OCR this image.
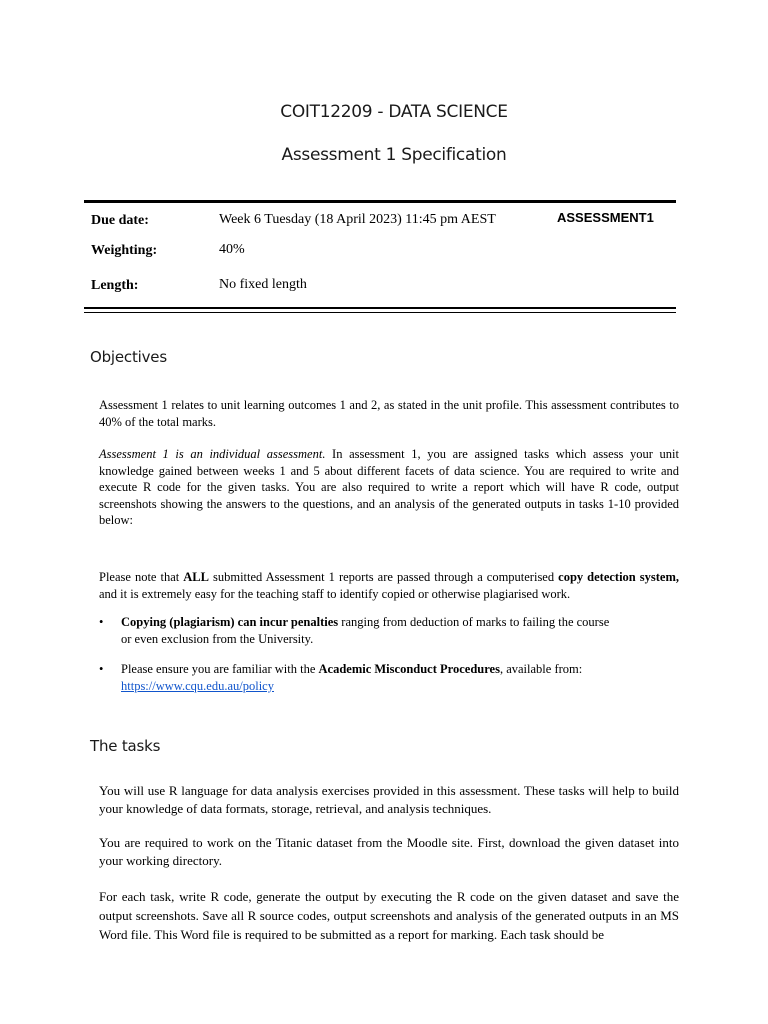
COIT12209 - DATA SCIENCE
Assessment 1 Specification
Due date:	Week 6 Tuesday (18 April 2023) 11:45 pm AEST	ASSESSMENT1
Weighting:	40%
Length:	No fixed length
Objectives

Assessment 1 relates to unit learning outcomes 1 and 2, as stated in the unit profile. This assessment contributes to 40% of the total marks.

Assessment 1 is an individual assessment. In assessment 1, you are assigned tasks which assess your unit knowledge gained between weeks 1 and 5 about different facets of data science. You are required to write and execute R code for the given tasks. You are also required to write a report which will have R code, output screenshots showing the answers to the questions, and an analysis of the generated outputs in tasks 1-10 provided below:

Please note that ALL submitted Assessment 1 reports are passed through a computerised copy detection system, and it is extremely easy for the teaching staff to identify copied or otherwise plagiarised work.

• Copying (plagiarism) can incur penalties ranging from deduction of marks to failing the course
or even exclusion from the University.

• Please ensure you are familiar with the Academic Misconduct Procedures, available from:
https://www.cqu.edu.au/policy

The tasks

You will use R language for data analysis exercises provided in this assessment. These tasks will help to build your knowledge of data formats, storage, retrieval, and analysis techniques.

You are required to work on the Titanic dataset from the Moodle site. First, download the given dataset into your working directory.

For each task, write R code, generate the output by executing the R code on the given dataset and save the output screenshots. Save all R source codes, output screenshots and analysis of the generated outputs in an MS Word file. This Word file is required to be submitted as a report for marking. Each task should be
